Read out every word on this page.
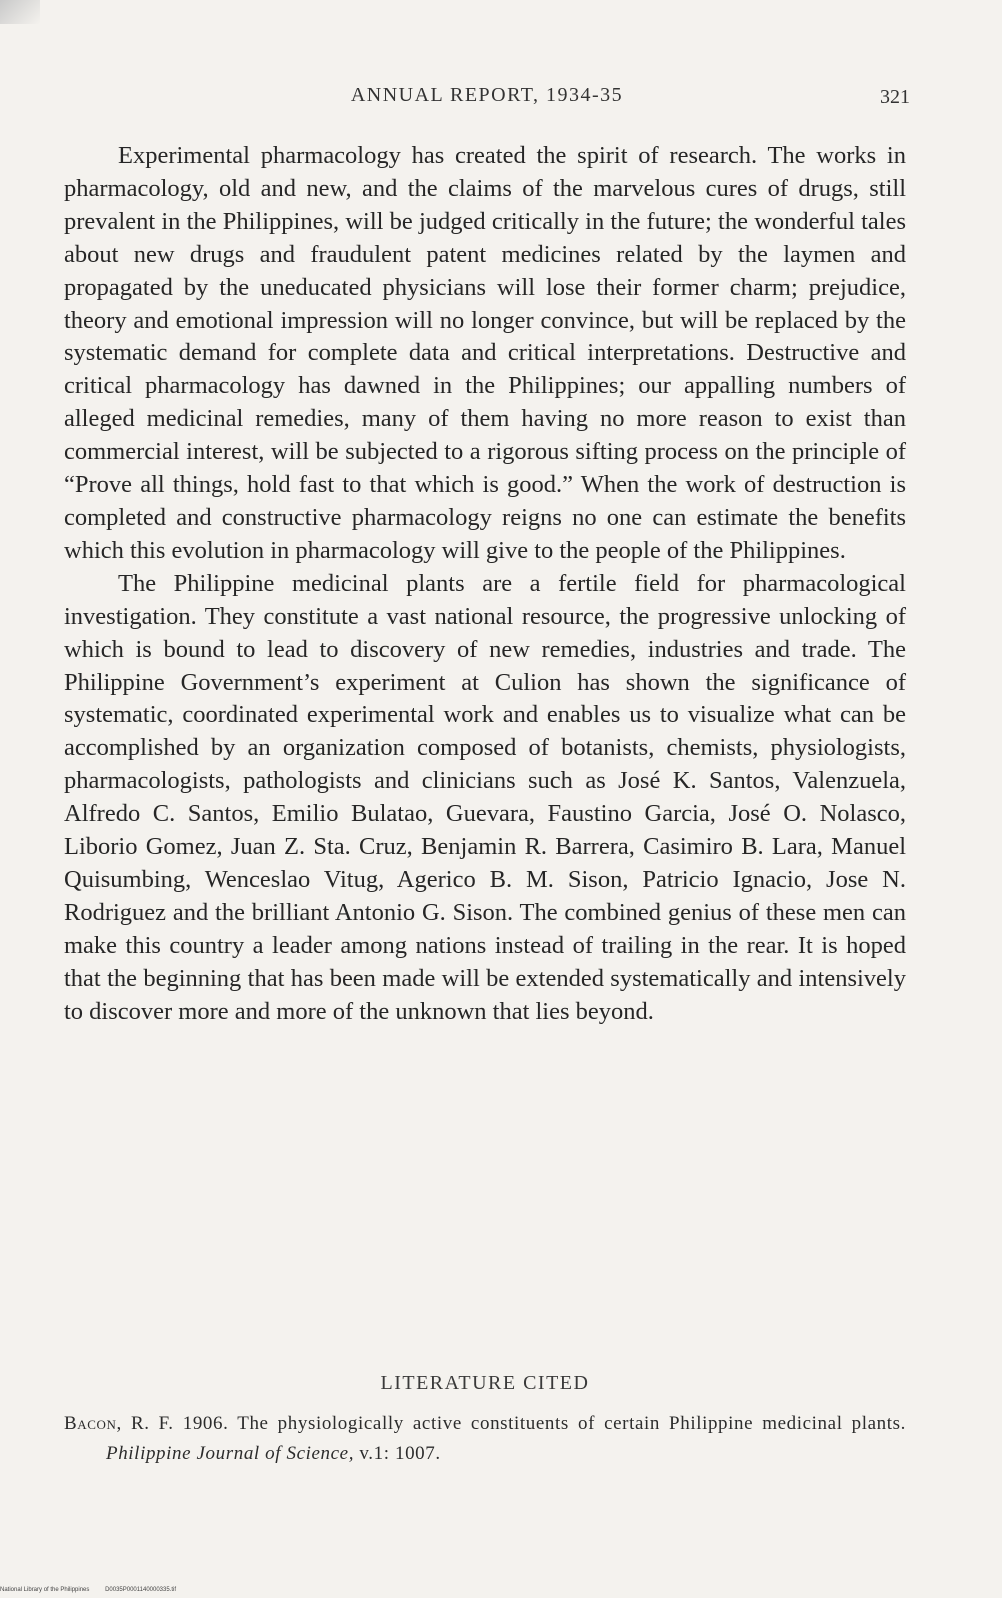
ANNUAL REPORT, 1934-35	321

Experimental pharmacology has created the spirit of research. The works in pharmacology, old and new, and the claims of the marvelous cures of drugs, still prevalent in the Philippines, will be judged critically in the future; the wonderful tales about new drugs and fraudulent patent medicines related by the laymen and propagated by the uneducated physicians will lose their former charm; prejudice, theory and emotional impression will no longer convince, but will be replaced by the systematic demand for complete data and critical interpretations. Destructive and critical pharmacology has dawned in the Philippines; our appalling numbers of alleged medicinal remedies, many of them having no more reason to exist than commercial interest, will be subjected to a rigorous sifting process on the principle of “Prove all things, hold fast to that which is good.” When the work of destruction is completed and constructive pharmacology reigns no one can estimate the benefits which this evolution in pharmacology will give to the people of the Philippines.

The Philippine medicinal plants are a fertile field for pharmacological investigation. They constitute a vast national resource, the progressive unlocking of which is bound to lead to discovery of new remedies, industries and trade. The Philippine Government’s experiment at Culion has shown the significance of systematic, coordinated experimental work and enables us to visualize what can be accomplished by an organization composed of botanists, chemists, physiologists, pharmacologists, pathologists and clinicians such as José K. Santos, Valenzuela, Alfredo C. Santos, Emilio Bulatao, Guevara, Faustino Garcia, José O. Nolasco, Liborio Gomez, Juan Z. Sta. Cruz, Benjamin R. Barrera, Casimiro B. Lara, Manuel Quisumbing, Wenceslao Vitug, Agerico B. M. Sison, Patricio Ignacio, Jose N. Rodriguez and the brilliant Antonio G. Sison. The combined genius of these men can make this country a leader among nations instead of trailing in the rear. It is hoped that the beginning that has been made will be extended systematically and intensively to discover more and more of the unknown that lies beyond.

LITERATURE CITED
Bacon, R. F. 1906. The physiologically active constituents of certain Philippine medicinal plants. Philippine Journal of Science, v.1: 1007.
National Library of the Philippines	D0035P0001140000335.tif
